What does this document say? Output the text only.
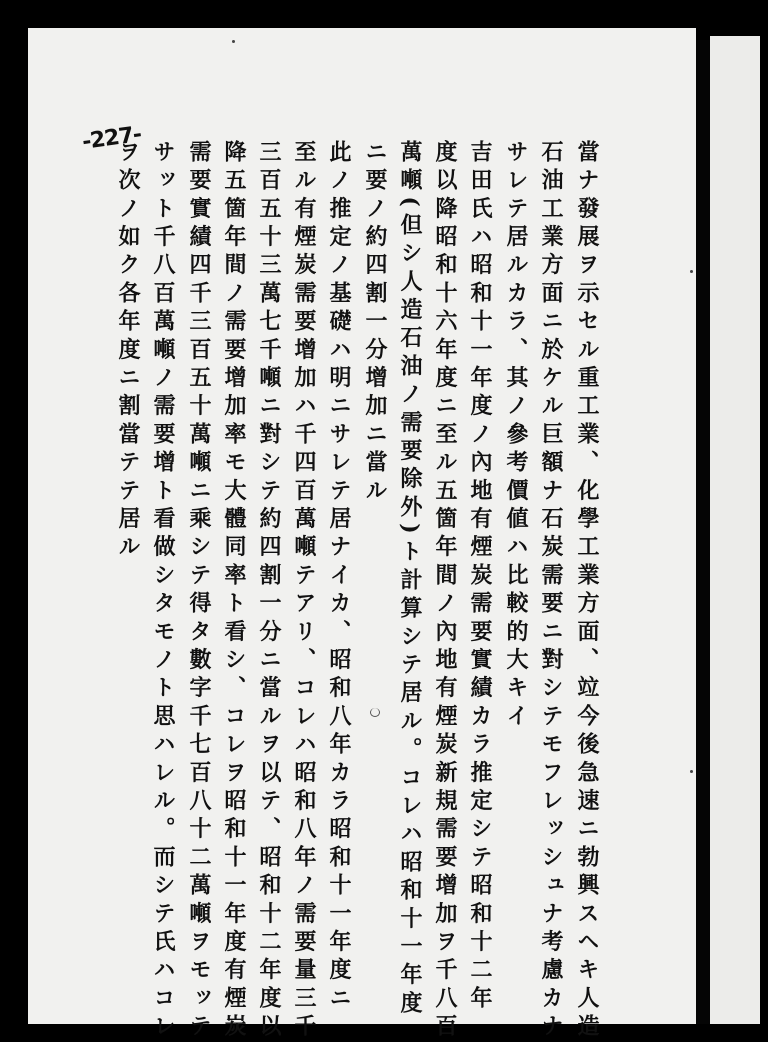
-227-
當ナ發展ヲ示セル重工業、化學工業方面、竝今後急速ニ勃興スヘキ人造
石油工業方面ニ於ケル巨額ナ石炭需要ニ對シテモフレッシュナ考慮カナ
サレテ居ルカラ、其ノ參考價値ハ比較的大キイ
吉田氏ハ昭和十一年度ノ內地有煙炭需要實績カラ推定シテ昭和十二年
度以降昭和十六年度ニ至ル五箇年間ノ內地有煙炭新規需要增加ヲ千八百
萬噸(但シ人造石油ノ需要除外)ト計算シテ居ル。コレハ昭和十一年度
ニ要ノ約四割一分增加ニ當ル
此ノ推定ノ基礎ハ明ニサレテ居ナイカ、昭和八年カラ昭和十一年度ニ
至ル有煙炭需要增加ハ千四百萬噸テアリ、コレハ昭和八年ノ需要量三千
三百五十三萬七千噸ニ對シテ約四割一分ニ當ルヲ以テ、昭和十二年度以
降五箇年間ノ需要增加率モ大體同率ト看シ、コレヲ昭和十一年度有煙炭
需要實績四千三百五十萬噸ニ乘シテ得タ數字千七百八十二萬噸ヲモッテ
サット千八百萬噸ノ需要增ト看做シタモノト思ハレル。而シテ氏ハコレ
ヲ次ノ如ク各年度ニ割當テテ居ル
